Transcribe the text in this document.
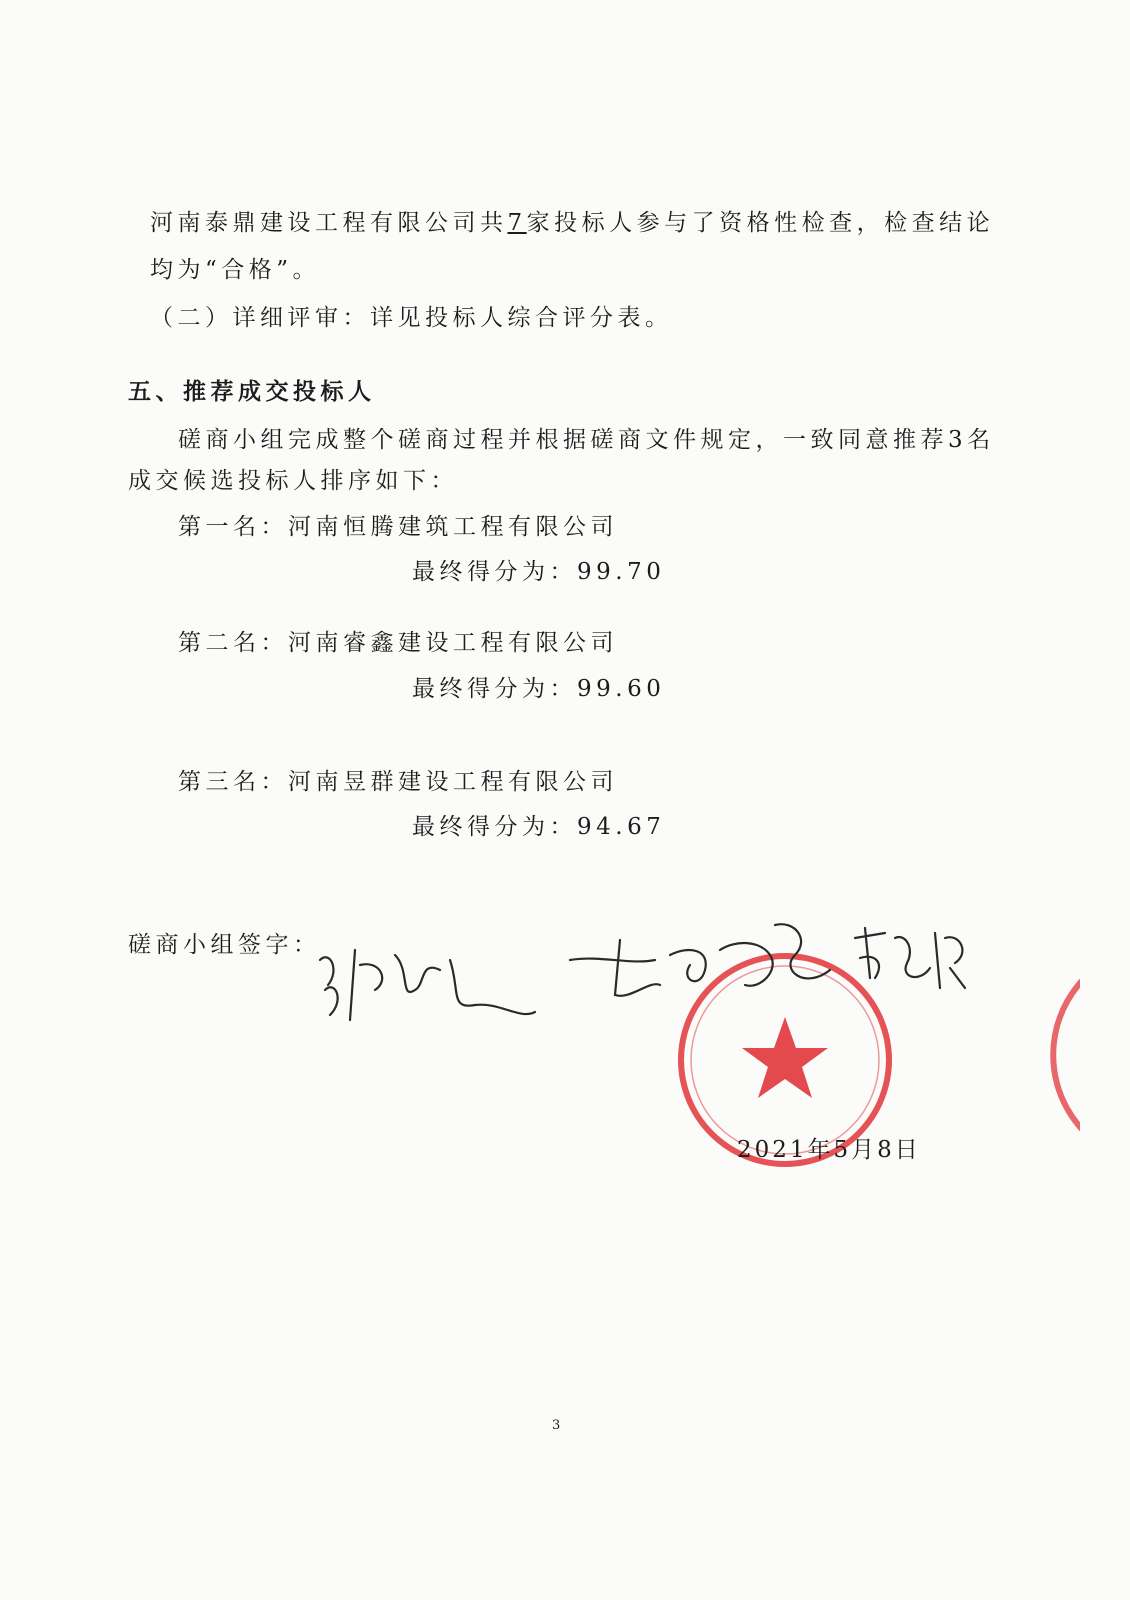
河南泰鼎建设工程有限公司共7家投标人参与了资格性检查，检查结论
均为“合格”。
（二）详细评审：详见投标人综合评分表。
五、推荐成交投标人
磋商小组完成整个磋商过程并根据磋商文件规定，一致同意推荐3名
成交候选投标人排序如下：
第一名：河南恒腾建筑工程有限公司
最终得分为：99.70
第二名：河南睿鑫建设工程有限公司
最终得分为：99.60
第三名：河南昱群建设工程有限公司
最终得分为：94.67
磋商小组签字：
2021年5月8日
3
